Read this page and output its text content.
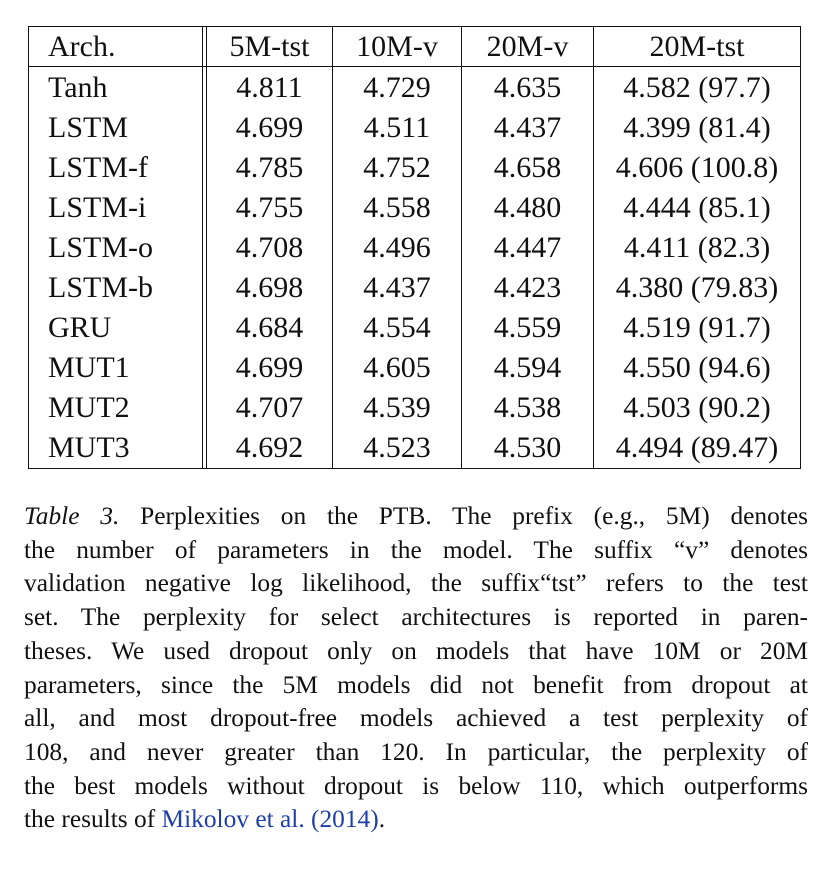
Arch.		5M-tst	10M-v	20M-v	20M-tst
Tanh		4.811	4.729	4.635	4.582 (97.7)
LSTM		4.699	4.511	4.437	4.399 (81.4)
LSTM-f		4.785	4.752	4.658	4.606 (100.8)
LSTM-i		4.755	4.558	4.480	4.444 (85.1)
LSTM-o		4.708	4.496	4.447	4.411 (82.3)
LSTM-b		4.698	4.437	4.423	4.380 (79.83)
GRU		4.684	4.554	4.559	4.519 (91.7)
MUT1		4.699	4.605	4.594	4.550 (94.6)
MUT2		4.707	4.539	4.538	4.503 (90.2)
MUT3		4.692	4.523	4.530	4.494 (89.47)
Table 3. Perplexities on the PTB. The prefix (e.g., 5M) denotes
the number of parameters in the model. The suffix “v” denotes
validation negative log likelihood, the suffix“tst” refers to the test
set. The perplexity for select architectures is reported in paren-
theses. We used dropout only on models that have 10M or 20M
parameters, since the 5M models did not benefit from dropout at
all, and most dropout-free models achieved a test perplexity of
108, and never greater than 120. In particular, the perplexity of
the best models without dropout is below 110, which outperforms
the results of Mikolov et al. (2014).
